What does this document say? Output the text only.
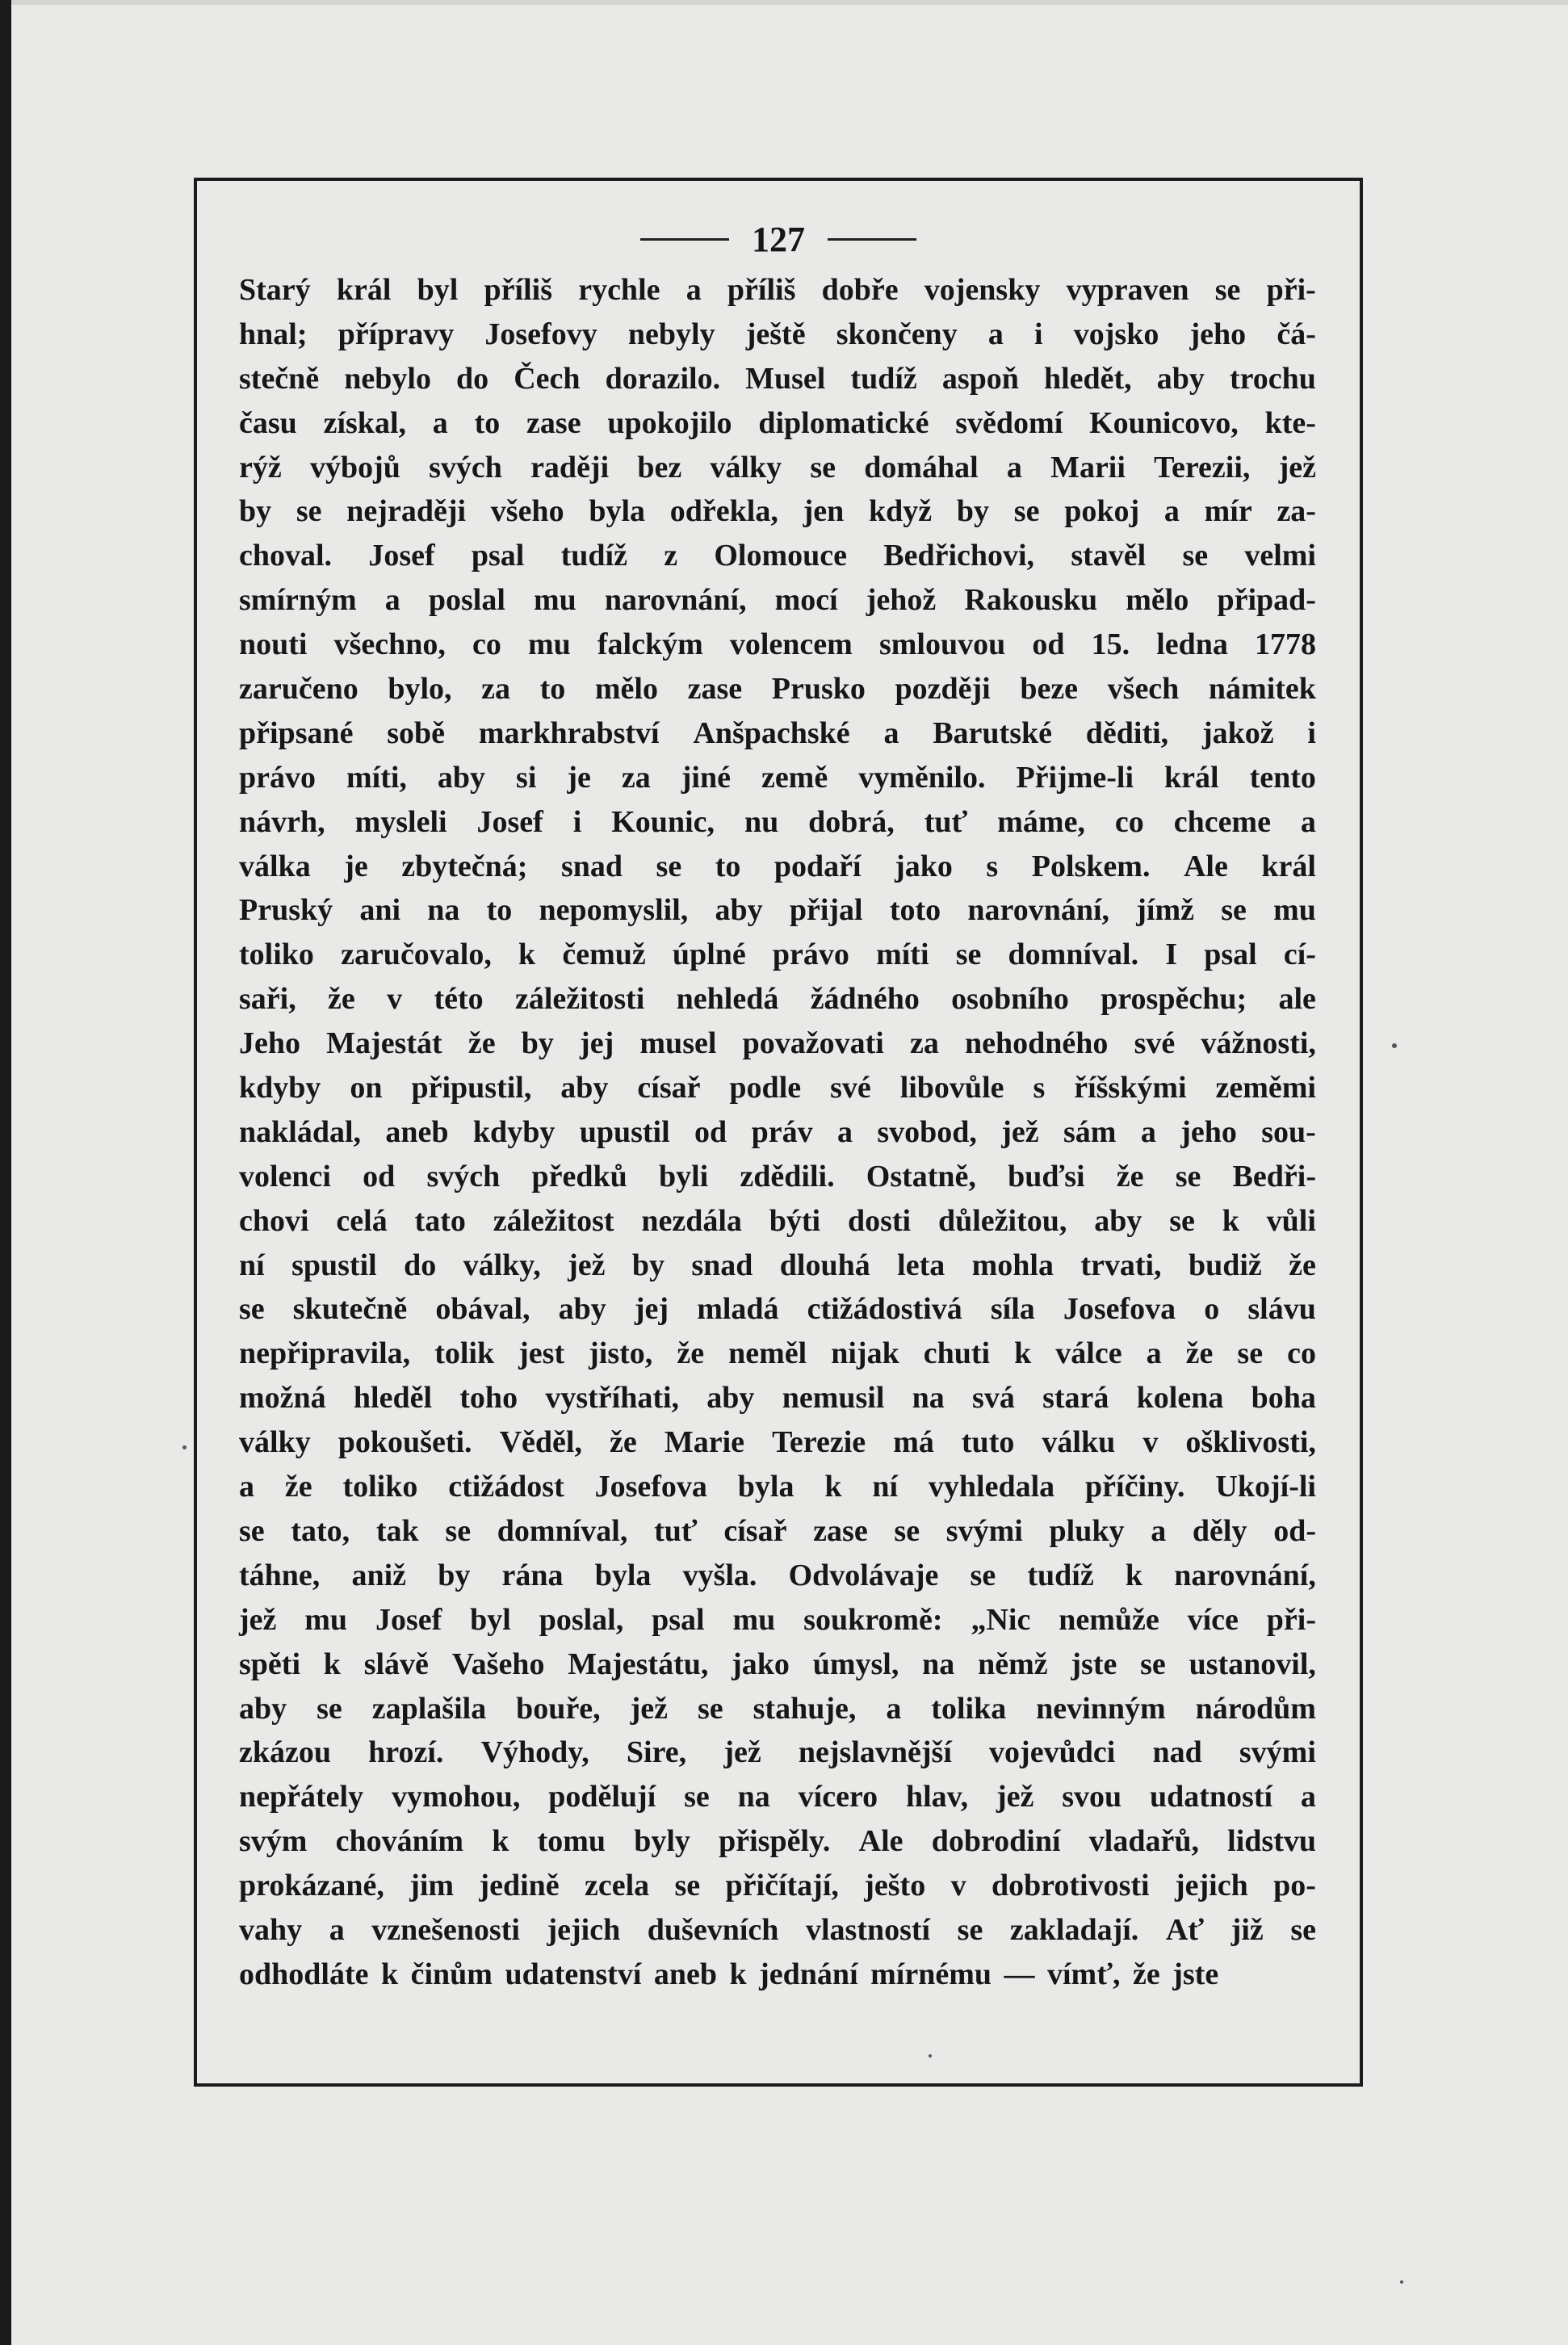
127
Starý král byl příliš rychle a příliš dobře vojensky vypraven se při-
hnal; přípravy Josefovy nebyly ještě skončeny a i vojsko jeho čá-
stečně nebylo do Čech dorazilo. Musel tudíž aspoň hledět, aby trochu
času získal, a to zase upokojilo diplomatické svědomí Kounicovo, kte-
rýž výbojů svých raději bez války se domáhal a Marii Terezii, jež
by se nejraději všeho byla odřekla, jen když by se pokoj a mír za-
choval. Josef psal tudíž z Olomouce Bedřichovi, stavěl se velmi
smírným a poslal mu narovnání, mocí jehož Rakousku mělo připad-
nouti všechno, co mu falckým volencem smlouvou od 15. ledna 1778
zaručeno bylo, za to mělo zase Prusko později beze všech námitek
připsané sobě markhrabství Anšpachské a Barutské děditi, jakož i
právo míti, aby si je za jiné země vyměnilo. Přijme-li král tento
návrh, mysleli Josef i Kounic, nu dobrá, tuť máme, co chceme a
válka je zbytečná; snad se to podaří jako s Polskem. Ale král
Pruský ani na to nepomyslil, aby přijal toto narovnání, jímž se mu
toliko zaručovalo, k čemuž úplné právo míti se domníval. I psal cí-
saři, že v této záležitosti nehledá žádného osobního prospěchu; ale
Jeho Majestát že by jej musel považovati za nehodného své vážnosti,
kdyby on připustil, aby císař podle své libovůle s říšskými zeměmi
nakládal, aneb kdyby upustil od práv a svobod, jež sám a jeho sou-
volenci od svých předků byli zdědili. Ostatně, buďsi že se Bedři-
chovi celá tato záležitost nezdála býti dosti důležitou, aby se k vůli
ní spustil do války, jež by snad dlouhá leta mohla trvati, budiž že
se skutečně obával, aby jej mladá ctižádostivá síla Josefova o slávu
nepřipravila, tolik jest jisto, že neměl nijak chuti k válce a že se co
možná hleděl toho vystříhati, aby nemusil na svá stará kolena boha
války pokoušeti. Věděl, že Marie Terezie má tuto válku v ošklivosti,
a že toliko ctižádost Josefova byla k ní vyhledala příčiny. Ukojí-li
se tato, tak se domníval, tuť císař zase se svými pluky a děly od-
táhne, aniž by rána byla vyšla. Odvolávaje se tudíž k narovnání,
jež mu Josef byl poslal, psal mu soukromě: „Nic nemůže více při-
spěti k slávě Vašeho Majestátu, jako úmysl, na němž jste se ustanovil,
aby se zaplašila bouře, jež se stahuje, a tolika nevinným národům
zkázou hrozí. Výhody, Sire, jež nejslavnější vojevůdci nad svými
nepřátely vymohou, podělují se na vícero hlav, jež svou udatností a
svým chováním k tomu byly přispěly. Ale dobrodiní vladařů, lidstvu
prokázané, jim jedině zcela se přičítají, ješto v dobrotivosti jejich po-
vahy a vznešenosti jejich duševních vlastností se zakladají. Ať již se
odhodláte k činům udatenství aneb k jednání mírnému — vímť, že jste
